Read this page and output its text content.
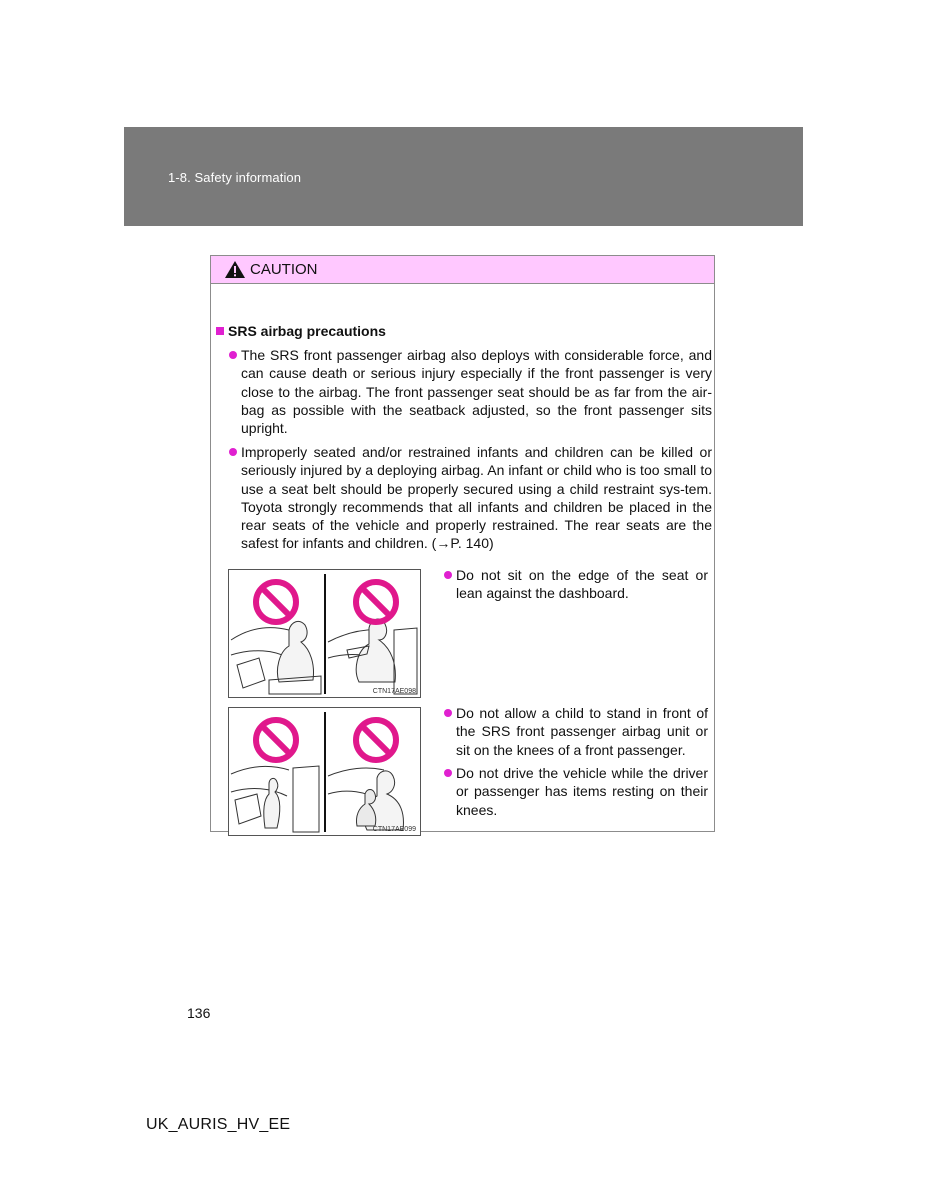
1-8. Safety information
CAUTION
SRS airbag precautions
The SRS front passenger airbag also deploys with considerable force, and can cause death or serious injury especially if the front passenger is very close to the airbag. The front passenger seat should be as far from the air-bag as possible with the seatback adjusted, so the front passenger sits upright.
Improperly seated and/or restrained infants and children can be killed or seriously injured by a deploying airbag. An infant or child who is too small to use a seat belt should be properly secured using a child restraint sys-tem. Toyota strongly recommends that all infants and children be placed in the rear seats of the vehicle and properly restrained. The rear seats are the safest for infants and children. (→P. 140)
CTN17AE098
Do not sit on the edge of the seat or lean against the dashboard.
CTN17AE099
Do not allow a child to stand in front of the SRS front passenger airbag unit or sit on the knees of a front passenger.
Do not drive the vehicle while the driver or passenger has items resting on their knees.
136
UK_AURIS_HV_EE
